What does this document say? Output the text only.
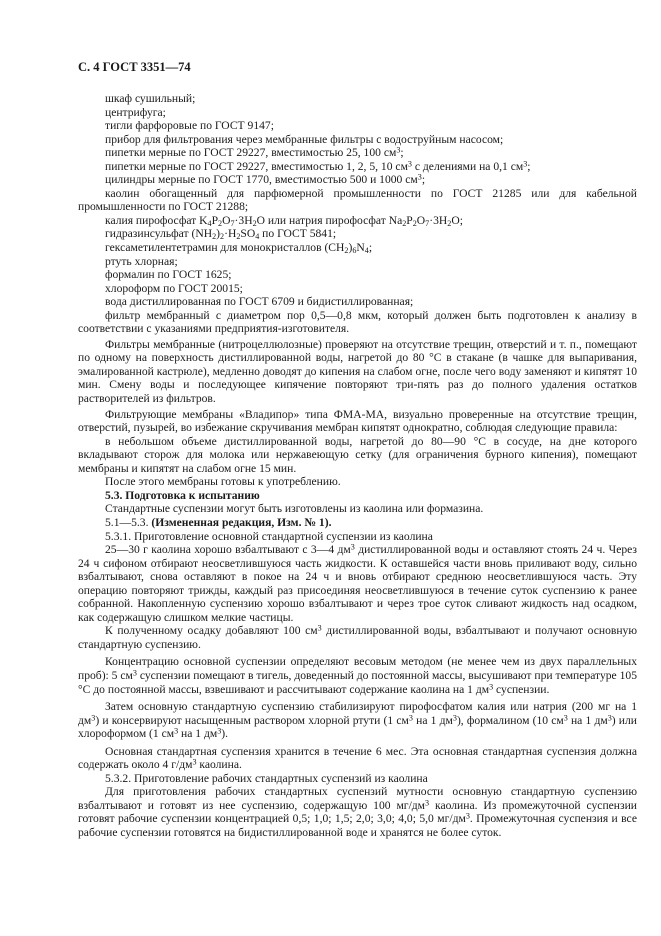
С. 4 ГОСТ 3351—74

шкаф сушильный;

центрифуга;

тигли фарфоровые по ГОСТ 9147;

прибор для фильтрования через мембранные фильтры с водоструйным насосом;

пипетки мерные по ГОСТ 29227, вместимостью 25, 100 $см^3$;

пипетки мерные по ГОСТ 29227, вместимостью 1, 2, 5, 10 $см^3$ с делениями на 0,1 $см^3$;

цилиндры мерные по ГОСТ 1770, вместимостью 500 и 1000 $см^3$;

каолин обогащенный для парфюмерной промышленности по ГОСТ 21285 или для кабельной промышленности по ГОСТ 21288;

калия пирофосфат $K_4P_2O_7\cdot 3H_2O$ или натрия пирофосфат $Na_2P_2O_7\cdot 3H_2O$;

гидразинсульфат $(NH_2)_2\cdot H_2SO_4$ по ГОСТ 5841;

гексаметилентетрамин для монокристаллов $(CH_2)_6N_4$;

ртуть хлорная;

формалин по ГОСТ 1625;

хлороформ по ГОСТ 20015;

вода дистиллированная по ГОСТ 6709 и бидистиллированная;

фильтр мембранный с диаметром пор 0,5—0,8 мкм, который должен быть подготовлен к анализу в соответствии с указаниями предприятия-изготовителя.

Фильтры мембранные (нитроцеллюлозные) проверяют на отсутствие трещин, отверстий и т. п., помещают по одному на поверхность дистиллированной воды, нагретой до 80 °С в стакане (в чашке для выпаривания, эмалированной кастрюле), медленно доводят до кипения на слабом огне, после чего воду заменяют и кипятят 10 мин. Смену воды и последующее кипячение повторяют три-пять раз до полного удаления остатков растворителей из фильтров.

Фильтрующие мембраны «Владипор» типа ФМА-МА, визуально проверенные на отсутствие трещин, отверстий, пузырей, во избежание скручивания мембран кипятят однократно, соблюдая следующие правила:

в небольшом объеме дистиллированной воды, нагретой до 80—90 °С в сосуде, на дне которого вкладывают сторож для молока или нержавеющую сетку (для ограничения бурного кипения), помещают мембраны и кипятят на слабом огне 15 мин.

После этого мембраны готовы к употреблению.

5.3. Подготовка к испытанию

Стандартные суспензии могут быть изготовлены из каолина или формазина.

5.1—5.3. (Измененная редакция, Изм. № 1).

5.3.1. Приготовление основной стандартной суспензии из каолина

25—30 г каолина хорошо взбалтывают с 3—4 $дм^3$ дистиллированной воды и оставляют стоять 24 ч. Через 24 ч сифоном отбирают неосветлившуюся часть жидкости. К оставшейся части вновь приливают воду, сильно взбалтывают, снова оставляют в покое на 24 ч и вновь отбирают среднюю неосветлившуюся часть. Эту операцию повторяют трижды, каждый раз присоединяя неосветлившуюся в течение суток суспензию к ранее собранной. Накопленную суспензию хорошо взбалтывают и через трое суток сливают жидкость над осадком, как содержащую слишком мелкие частицы.

К полученному осадку добавляют 100 $см^3$ дистиллированной воды, взбалтывают и получают основную стандартную суспензию.

Концентрацию основной суспензии определяют весовым методом (не менее чем из двух параллельных проб): 5 $см^3$ суспензии помещают в тигель, доведенный до постоянной массы, высушивают при температуре 105 °С до постоянной массы, взвешивают и рассчитывают содержание каолина на 1 $дм^3$ суспензии.

Затем основную стандартную суспензию стабилизируют пирофосфатом калия или натрия (200 мг на 1 $дм^3$) и консервируют насыщенным раствором хлорной ртути (1 $см^3$ на 1 $дм^3$), формалином (10 $см^3$ на 1 $дм^3$) или хлороформом (1 $см^3$ на 1 $дм^3$).

Основная стандартная суспензия хранится в течение 6 мес. Эта основная стандартная суспензия должна содержать около 4 $г/дм^3$ каолина.

5.3.2. Приготовление рабочих стандартных суспензий из каолина

Для приготовления рабочих стандартных суспензий мутности основную стандартную суспензию взбалтывают и готовят из нее суспензию, содержащую 100 $мг/дм^3$ каолина. Из промежуточной суспензии готовят рабочие суспензии концентрацией 0,5; 1,0; 1,5; 2,0; 3,0; 4,0; 5,0 $мг/дм^3$. Промежуточная суспензия и все рабочие суспензии готовятся на бидистиллированной воде и хранятся не более суток.
